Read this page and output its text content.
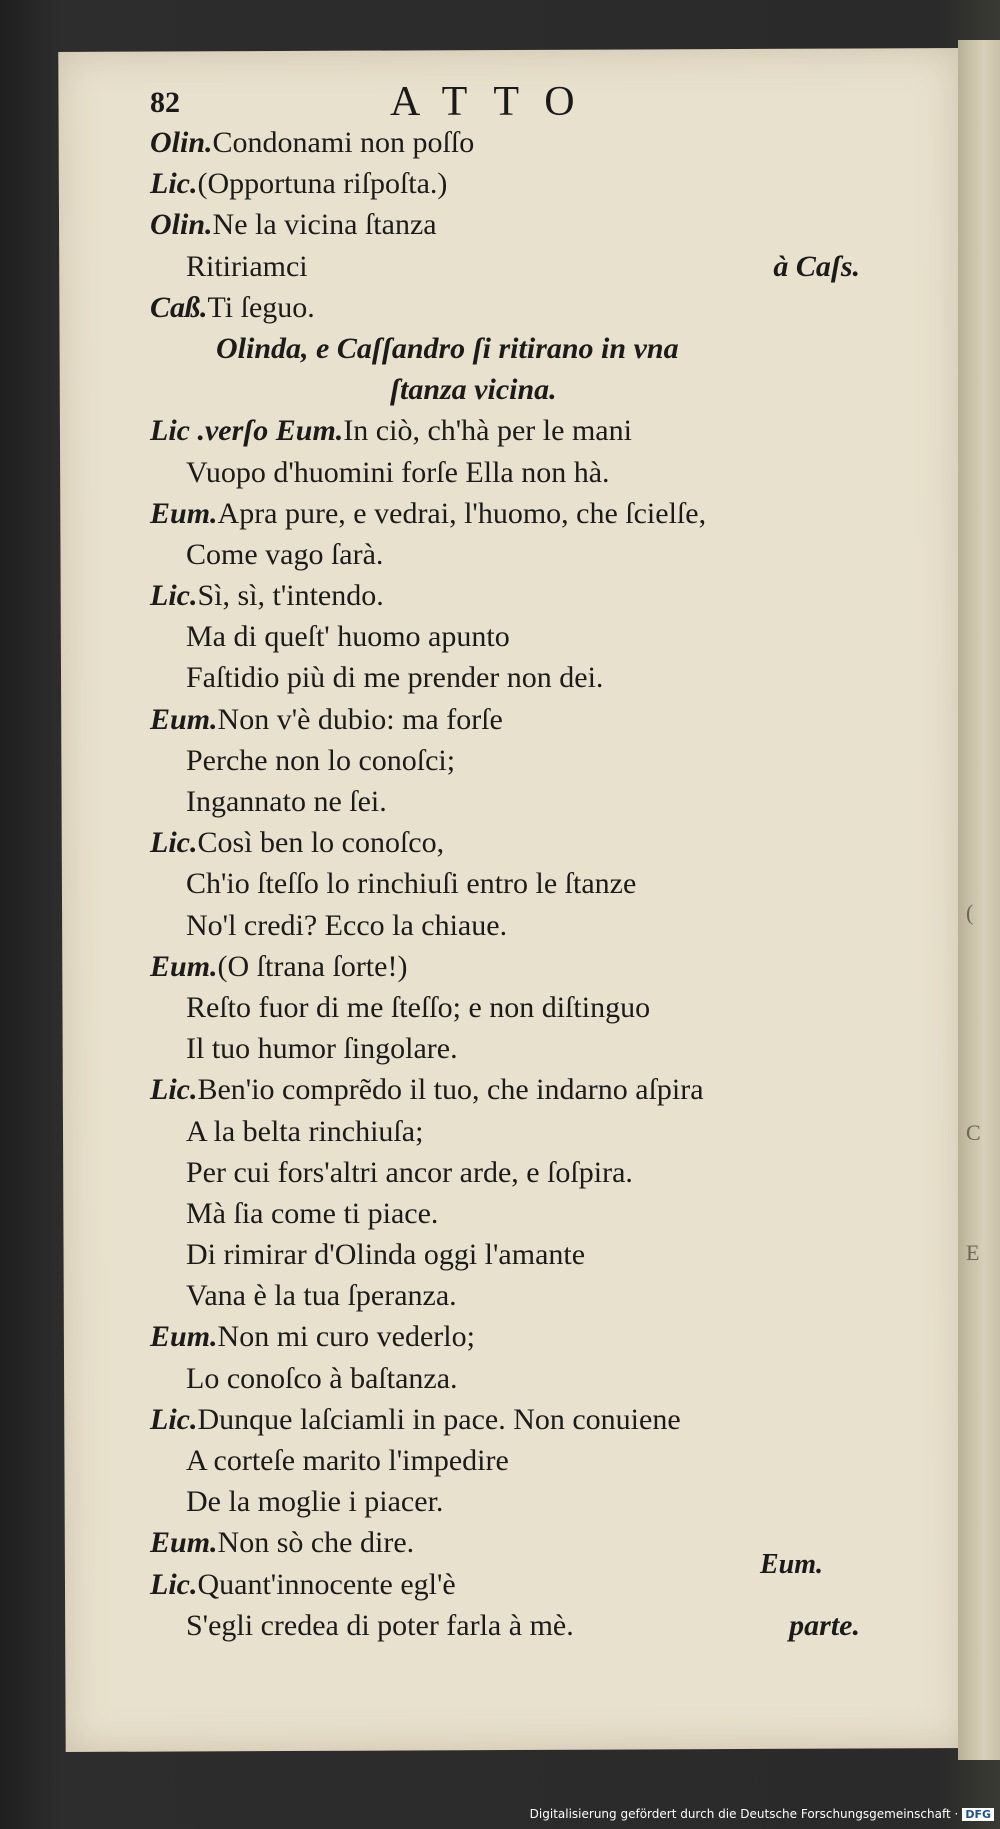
(
C
E
82	ATTO
Olin.Condonami non poſſo
Lic.(Opportuna riſpoſta.)
Olin.Ne la vicina ſtanza
Ritiriamci	à Caſs.
Caß.Ti ſeguo.
Olinda, e Caſſandro ſi ritirano in vna
ſtanza vicina.
Lic .verſo Eum.In ciò, ch'hà per le mani
Vuopo d'huomini forſe Ella non hà.
Eum.Apra pure, e vedrai, l'huomo, che ſcielſe,
Come vago ſarà.
Lic.Sì, sì, t'intendo.
Ma di queſt' huomo apunto
Faſtidio più di me prender non dei.
Eum.Non v'è dubio: ma forſe
Perche non lo conoſci;
Ingannato ne ſei.
Lic.Così ben lo conoſco,
Ch'io ſteſſo lo rinchiuſi entro le ſtanze
No'l credi? Ecco la chiaue.
Eum.(O ſtrana ſorte!)
Reſto fuor di me ſteſſo; e non diſtinguo
Il tuo humor ſingolare.
Lic.Ben'io comprẽdo il tuo, che indarno aſpira
A la belta rinchiuſa;
Per cui fors'altri ancor arde, e ſoſpira.
Mà ſia come ti piace.
Di rimirar d'Olinda oggi l'amante
Vana è la tua ſperanza.
Eum.Non mi curo vederlo;
Lo conoſco à baſtanza.
Lic.Dunque laſciamli in pace. Non conuiene
A corteſe marito l'impedire
De la moglie i piacer.
Eum.Non sò che dire.
Lic.Quant'innocente egl'è
S'egli credea di poter farla à mè.	parte.
Eum.
Digitalisierung gefördert durch die Deutsche Forschungsgemeinschaft · DFG
